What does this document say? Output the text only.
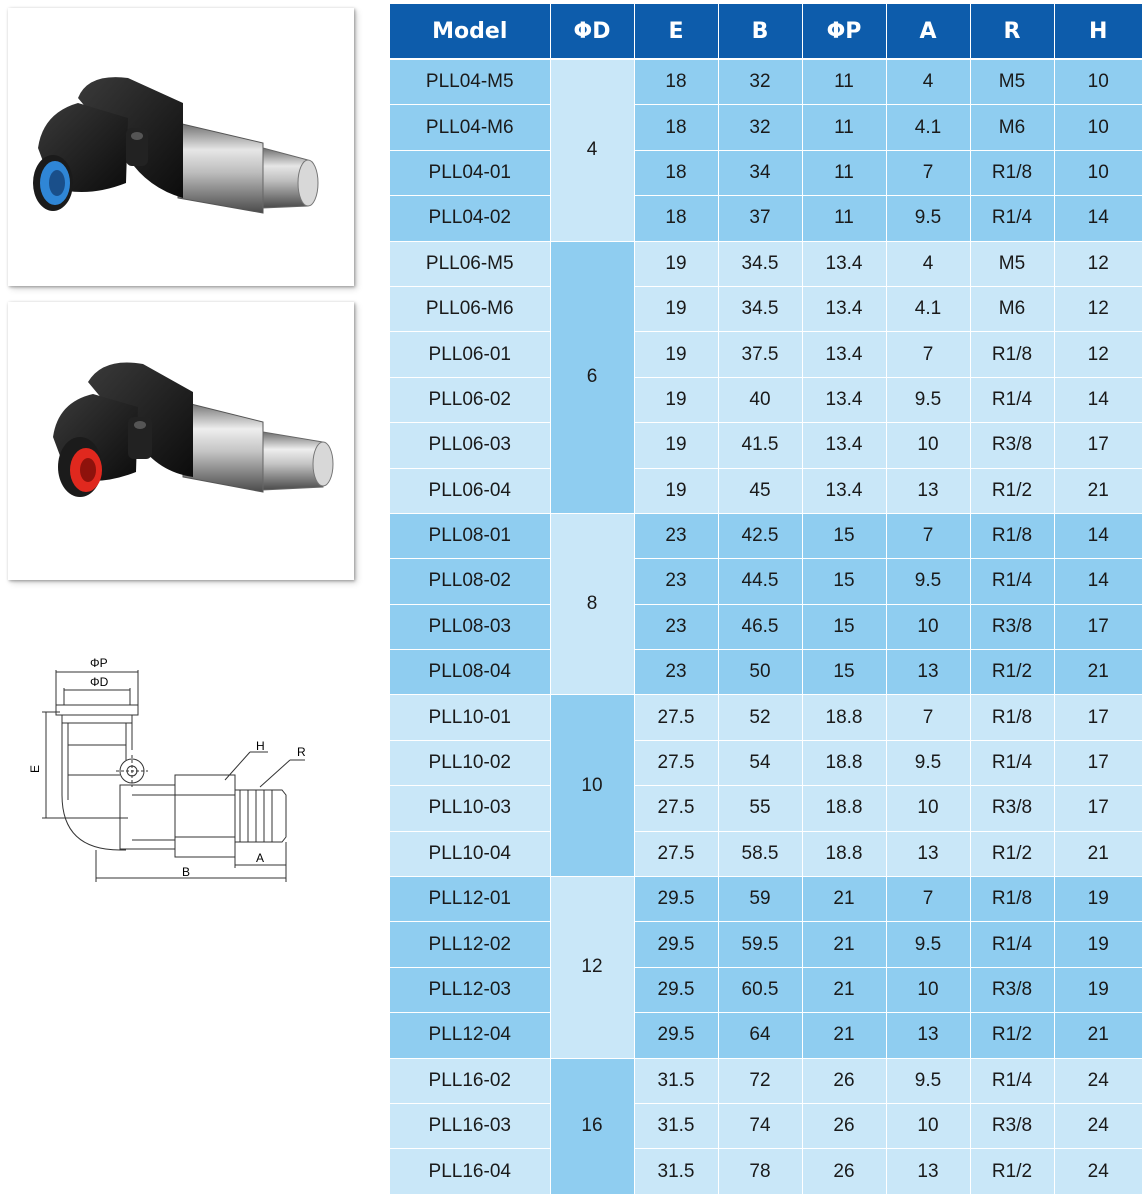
ΦP
ΦD
E
H	R
A
B
Model	ΦD	E	B	ΦP	A	R	H
PLL04-M5	4	18	32	11	4	M5	10
PLL04-M6		18	32	11	4.1	M6	10
PLL04-01		18	34	11	7	R1/8	10
PLL04-02		18	37	11	9.5	R1/4	14
PLL06-M5	6	19	34.5	13.4	4	M5	12
PLL06-M6		19	34.5	13.4	4.1	M6	12
PLL06-01		19	37.5	13.4	7	R1/8	12
PLL06-02		19	40	13.4	9.5	R1/4	14
PLL06-03		19	41.5	13.4	10	R3/8	17
PLL06-04		19	45	13.4	13	R1/2	21
PLL08-01	8	23	42.5	15	7	R1/8	14
PLL08-02		23	44.5	15	9.5	R1/4	14
PLL08-03		23	46.5	15	10	R3/8	17
PLL08-04		23	50	15	13	R1/2	21
PLL10-01	10	27.5	52	18.8	7	R1/8	17
PLL10-02		27.5	54	18.8	9.5	R1/4	17
PLL10-03		27.5	55	18.8	10	R3/8	17
PLL10-04		27.5	58.5	18.8	13	R1/2	21
PLL12-01	12	29.5	59	21	7	R1/8	19
PLL12-02		29.5	59.5	21	9.5	R1/4	19
PLL12-03		29.5	60.5	21	10	R3/8	19
PLL12-04		29.5	64	21	13	R1/2	21
PLL16-02	16	31.5	72	26	9.5	R1/4	24
PLL16-03		31.5	74	26	10	R3/8	24
PLL16-04		31.5	78	26	13	R1/2	24
